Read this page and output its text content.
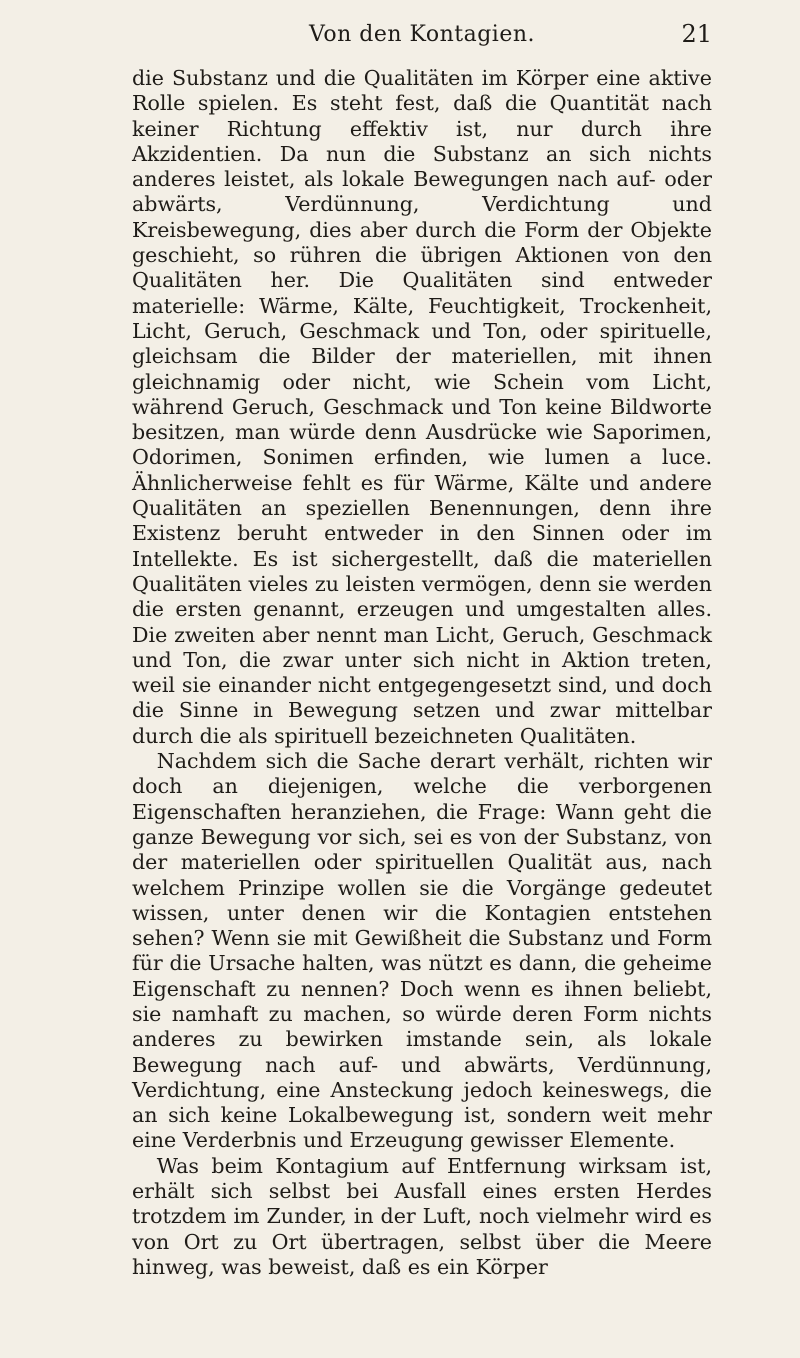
Von den Kontagien.	21

die Substanz und die Qualitäten im Körper eine aktive Rolle spielen. Es steht fest, daß die Quantität nach keiner Richtung effektiv ist, nur durch ihre Akzidentien. Da nun die Substanz an sich nichts anderes leistet, als lokale Bewegungen nach auf- oder abwärts, Verdünnung, Verdichtung und Kreisbewegung, dies aber durch die Form der Objekte geschieht, so rühren die übrigen Aktionen von den Qualitäten her. Die Qualitäten sind entweder materielle: Wärme, Kälte, Feuchtigkeit, Trockenheit, Licht, Geruch, Geschmack und Ton, oder spirituelle, gleichsam die Bilder der materiellen, mit ihnen gleichnamig oder nicht, wie Schein vom Licht, während Geruch, Geschmack und Ton keine Bildworte besitzen, man würde denn Ausdrücke wie Saporimen, Odorimen, Sonimen erfinden, wie lumen a luce. Ähnlicherweise fehlt es für Wärme, Kälte und andere Qualitäten an speziellen Benennungen, denn ihre Existenz beruht entweder in den Sinnen oder im Intellekte. Es ist sichergestellt, daß die materiellen Qualitäten vieles zu leisten vermögen, denn sie werden die ersten genannt, erzeugen und umgestalten alles. Die zweiten aber nennt man Licht, Geruch, Geschmack und Ton, die zwar unter sich nicht in Aktion treten, weil sie einander nicht entgegengesetzt sind, und doch die Sinne in Bewegung setzen und zwar mittelbar durch die als spirituell bezeichneten Qualitäten.

Nachdem sich die Sache derart verhält, richten wir doch an diejenigen, welche die verborgenen Eigenschaften heranziehen, die Frage: Wann geht die ganze Bewegung vor sich, sei es von der Substanz, von der materiellen oder spirituellen Qualität aus, nach welchem Prinzipe wollen sie die Vorgänge gedeutet wissen, unter denen wir die Kontagien entstehen sehen? Wenn sie mit Gewißheit die Substanz und Form für die Ursache halten, was nützt es dann, die geheime Eigenschaft zu nennen? Doch wenn es ihnen beliebt, sie namhaft zu machen, so würde deren Form nichts anderes zu bewirken imstande sein, als lokale Bewegung nach auf- und abwärts, Verdünnung, Verdichtung, eine Ansteckung jedoch keineswegs, die an sich keine Lokalbewegung ist, sondern weit mehr eine Verderbnis und Erzeugung gewisser Elemente.

Was beim Kontagium auf Entfernung wirksam ist, erhält sich selbst bei Ausfall eines ersten Herdes trotzdem im Zunder, in der Luft, noch vielmehr wird es von Ort zu Ort übertragen, selbst über die Meere hinweg, was beweist, daß es ein Körper
